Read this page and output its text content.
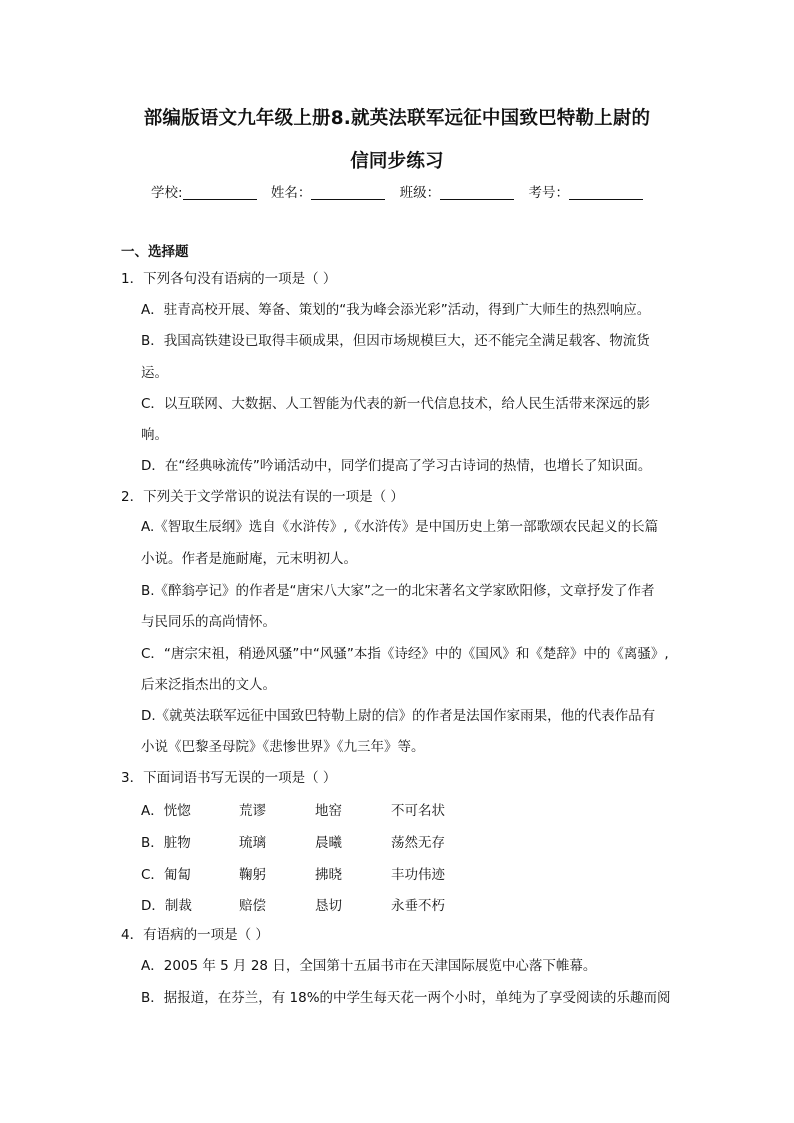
部编版语文九年级上册8.就英法联军远征中国致巴特勒上尉的
信同步练习
学校:	姓名：	班级：	考号：
一、选择题
1．下列各句没有语病的一项是（ ）
A．驻青高校开展、筹备、策划的“我为峰会添光彩”活动，得到广大师生的热烈响应。
B．我国高铁建设已取得丰硕成果，但因市场规模巨大，还不能完全满足载客、物流货
运。
C．以互联网、大数据、人工智能为代表的新一代信息技术，给人民生活带来深远的影
响。
D．在“经典咏流传”吟诵活动中，同学们提高了学习古诗词的热情，也增长了知识面。
2．下列关于文学常识的说法有误的一项是（ ）
A.《智取生辰纲》选自《水浒传》,《水浒传》是中国历史上第一部歌颂农民起义的长篇
小说。作者是施耐庵，元末明初人。
B.《醉翁亭记》的作者是“唐宋八大家”之一的北宋著名文学家欧阳修，文章抒发了作者
与民同乐的高尚情怀。
C．“唐宗宋祖，稍逊风骚”中“风骚”本指《诗经》中的《国风》和《楚辞》中的《离骚》,
后来泛指杰出的文人。
D.《就英法联军远征中国致巴特勒上尉的信》的作者是法国作家雨果，他的代表作品有
小说《巴黎圣母院》《悲惨世界》《九三年》等。
3．下面词语书写无误的一项是（ ）
A．恍惚	荒谬	地窑	不可名状
B．脏物	琉璃	晨曦	荡然无存
C．匍匐	鞠躬	拂晓	丰功伟迹
D．制裁	赔偿	恳切	永垂不朽
4．有语病的一项是（ ）
A．2005 年 5 月 28 日，全国第十五届书市在天津国际展览中心落下帷幕。
B．据报道，在芬兰，有 18%的中学生每天花一两个小时，单纯为了享受阅读的乐趣而阅
